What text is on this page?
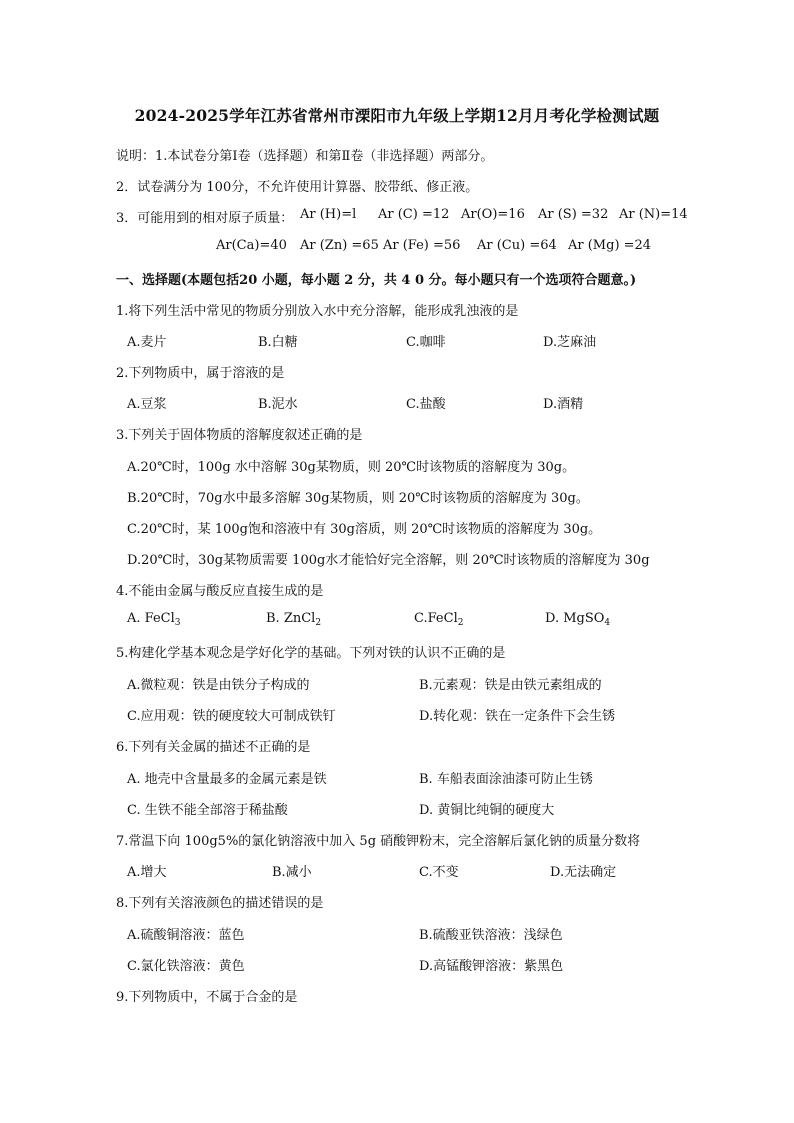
2024-2025学年江苏省常州市溧阳市九年级上学期12月月考化学检测试题
说明：1.本试卷分第Ⅰ卷（选择题）和第Ⅱ卷（非选择题）两部分。
2．试卷满分为 100分，不允许使用计算器、胶带纸、修正液。
3．可能用到的相对原子质量： Ar (H)=l Ar (C) =12 Ar(O)=16 Ar (S) =32 Ar (N)=14
Ar(Ca)=40 Ar (Zn) =65 Ar (Fe) =56 Ar (Cu) =64 Ar (Mg) =24
一、选择题(本题包括20 小题，每小题 2 分，共 4 0 分。每小题只有一个选项符合题意。)
1.将下列生活中常见的物质分别放入水中充分溶解，能形成乳浊液的是
A.麦片	B.白糖	C.咖啡	D.芝麻油
2.下列物质中，属于溶液的是
A.豆浆	B.泥水	C.盐酸	D.酒精
3.下列关于固体物质的溶解度叙述正确的是
A.20℃时，100g 水中溶解 30g某物质，则 20℃时该物质的溶解度为 30g。
B.20℃时，70g水中最多溶解 30g某物质，则 20℃时该物质的溶解度为 30g。
C.20℃时，某 100g饱和溶液中有 30g溶质，则 20℃时该物质的溶解度为 30g。
D.20℃时，30g某物质需要 100g水才能恰好完全溶解，则 20℃时该物质的溶解度为 30g
4.不能由金属与酸反应直接生成的是
A. FeCl$_3$	B. ZnCl$_2$	C.FeCl$_2$	D. MgSO$_4$
5.构建化学基本观念是学好化学的基础。下列对铁的认识不正确的是
A.微粒观：铁是由铁分子构成的	B.元素观：铁是由铁元素组成的
C.应用观：铁的硬度较大可制成铁钉	D.转化观：铁在一定条件下会生锈
6.下列有关金属的描述不正确的是
A. 地壳中含量最多的金属元素是铁	B. 车船表面涂油漆可防止生锈
C. 生铁不能全部溶于稀盐酸	D. 黄铜比纯铜的硬度大
7.常温下向 100g5%的氯化钠溶液中加入 5g 硝酸钾粉末，完全溶解后氯化钠的质量分数将
A.增大	B.减小	C.不变	D.无法确定
8.下列有关溶液颜色的描述错误的是
A.硫酸铜溶液：蓝色	B.硫酸亚铁溶液：浅绿色
C.氯化铁溶液：黄色	D.高锰酸钾溶液：紫黑色
9.下列物质中，不属于合金的是
